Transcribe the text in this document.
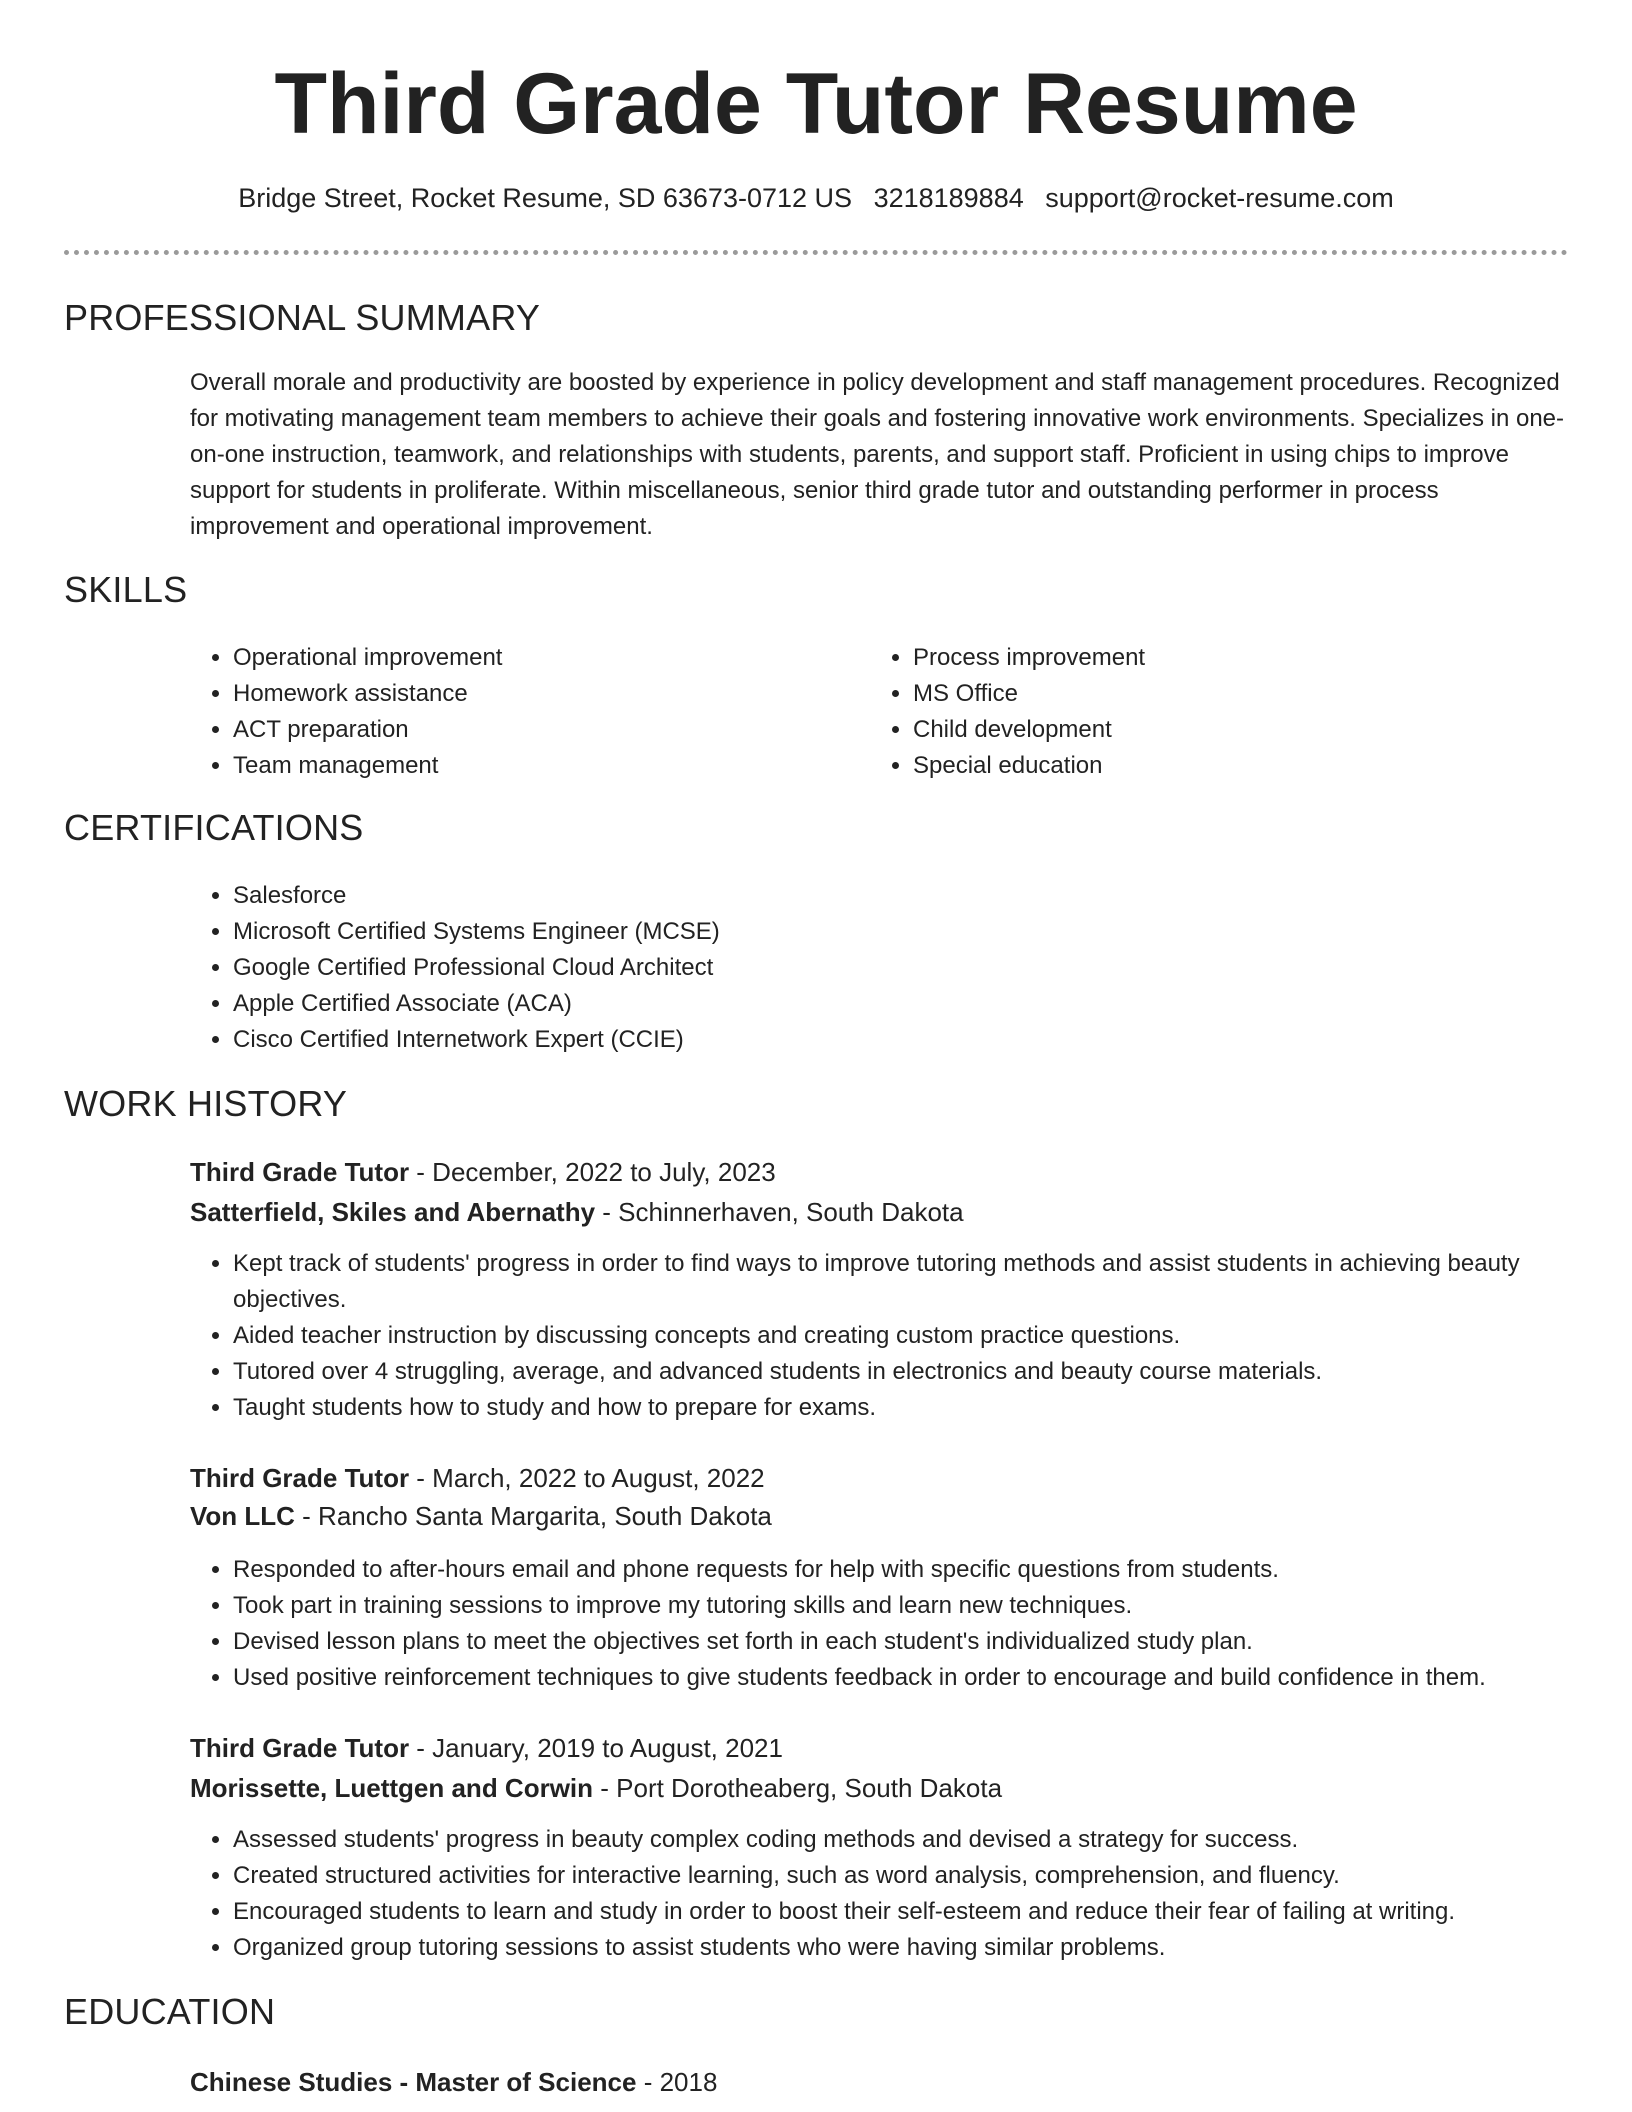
Third Grade Tutor Resume
Bridge Street, Rocket Resume, SD 63673-0712 US 3218189884 support@rocket-resume.com
PROFESSIONAL SUMMARY

Overall morale and productivity are boosted by experience in policy development and staff management procedures. Recognized for motivating management team members to achieve their goals and fostering innovative work environments. Specializes in one-on-one instruction, teamwork, and relationships with students, parents, and support staff. Proficient in using chips to improve support for students in proliferate. Within miscellaneous, senior third grade tutor and outstanding performer in process improvement and operational improvement.

SKILLS
• Operational improvement
• Homework assistance
• ACT preparation
• Team management
• Process improvement
• MS Office
• Child development
• Special education
CERTIFICATIONS
• Salesforce
• Microsoft Certified Systems Engineer (MCSE)
• Google Certified Professional Cloud Architect
• Apple Certified Associate (ACA)
• Cisco Certified Internetwork Expert (CCIE)
WORK HISTORY
Third Grade Tutor - December, 2022 to July, 2023
Satterfield, Skiles and Abernathy - Schinnerhaven, South Dakota
• Kept track of students' progress in order to find ways to improve tutoring methods and assist students in achieving beauty objectives.
• Aided teacher instruction by discussing concepts and creating custom practice questions.
• Tutored over 4 struggling, average, and advanced students in electronics and beauty course materials.
• Taught students how to study and how to prepare for exams.
Third Grade Tutor - March, 2022 to August, 2022
Von LLC - Rancho Santa Margarita, South Dakota
• Responded to after-hours email and phone requests for help with specific questions from students.
• Took part in training sessions to improve my tutoring skills and learn new techniques.
• Devised lesson plans to meet the objectives set forth in each student's individualized study plan.
• Used positive reinforcement techniques to give students feedback in order to encourage and build confidence in them.
Third Grade Tutor - January, 2019 to August, 2021
Morissette, Luettgen and Corwin - Port Dorotheaberg, South Dakota
• Assessed students' progress in beauty complex coding methods and devised a strategy for success.
• Created structured activities for interactive learning, such as word analysis, comprehension, and fluency.
• Encouraged students to learn and study in order to boost their self-esteem and reduce their fear of failing at writing.
• Organized group tutoring sessions to assist students who were having similar problems.
EDUCATION
Chinese Studies - Master of Science - 2018
